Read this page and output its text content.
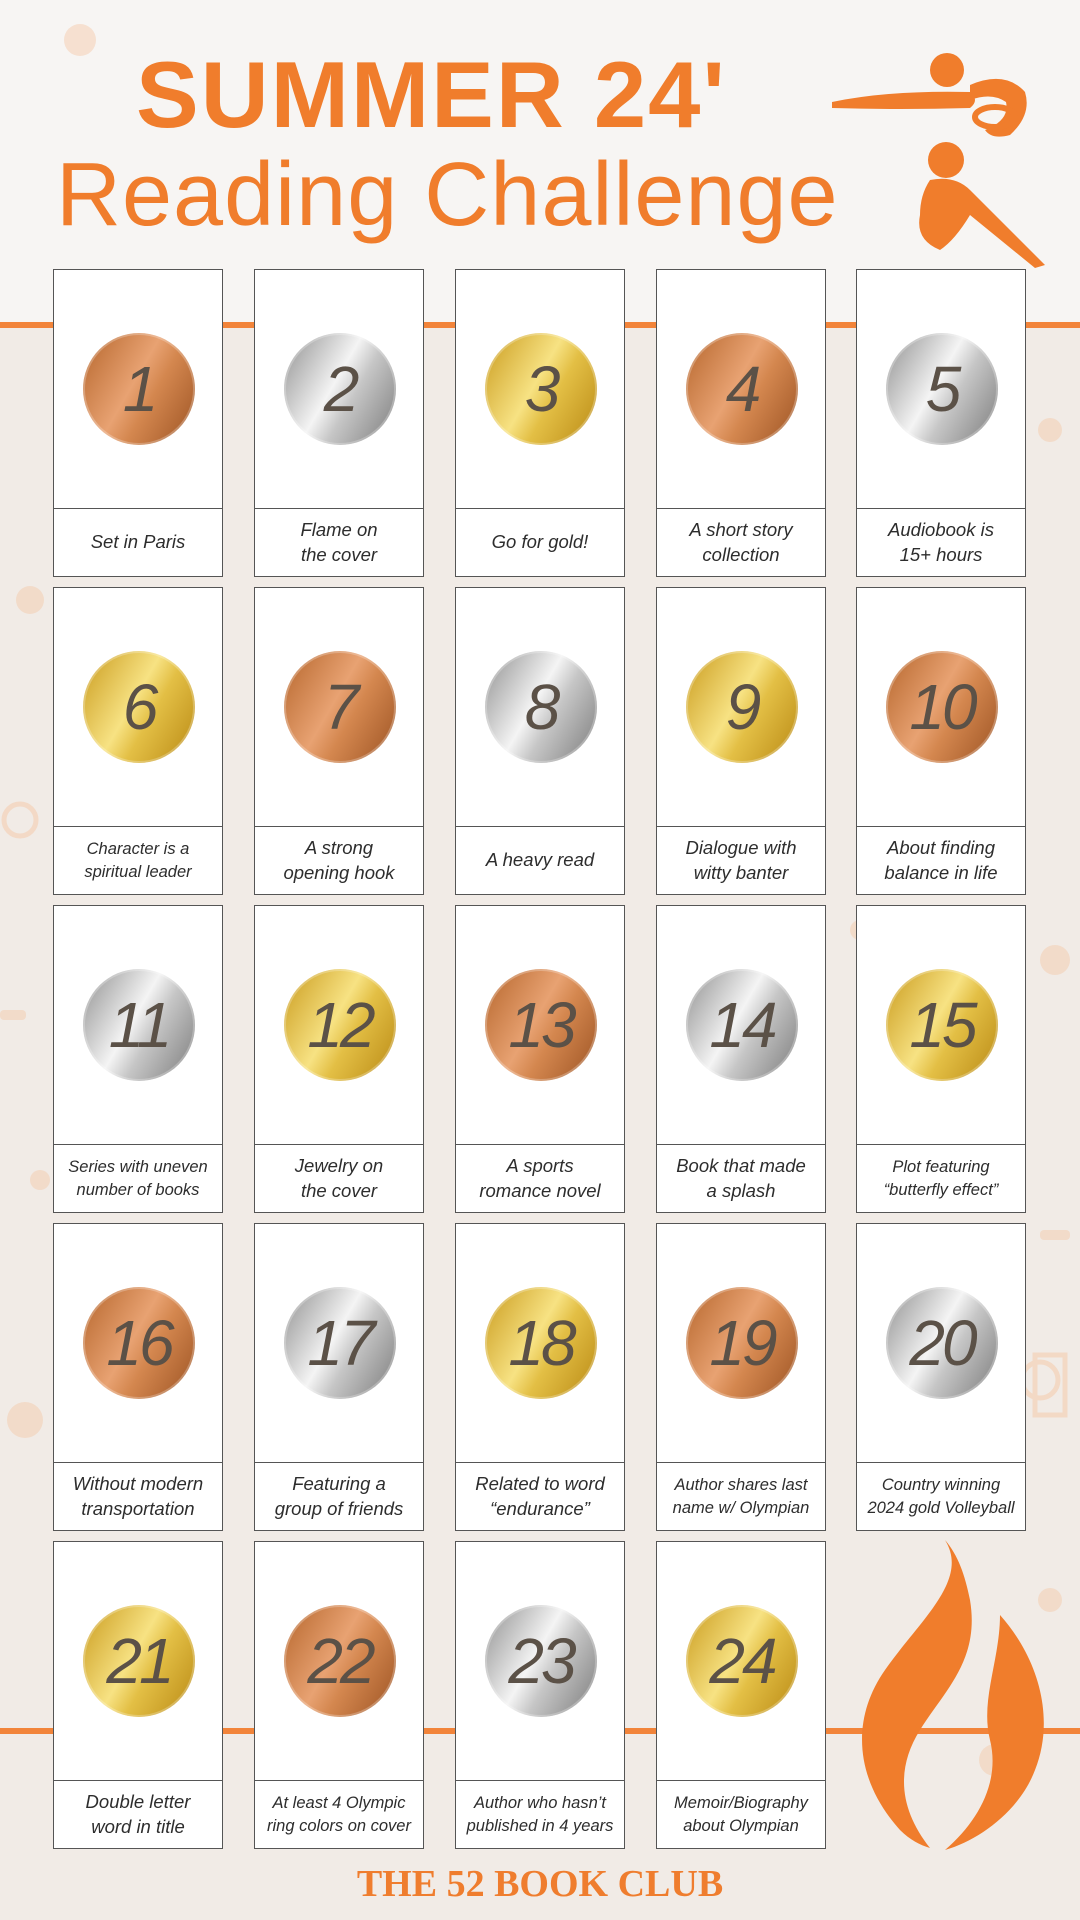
SUMMER 24'
Reading Challenge
1
Set in Paris
2
Flame on
the cover
3
Go for gold!
4
A short story
collection
5
Audiobook is
15+ hours
6
Character is a
spiritual leader
7
A strong
opening hook
8
A heavy read
9
Dialogue with
witty banter
10
About finding
balance in life
11
Series with uneven
number of books
12
Jewelry on
the cover
13
A sports
romance novel
14
Book that made
a splash
15
Plot featuring
“butterfly effect”
16
Without modern
transportation
17
Featuring a
group of friends
18
Related to word
“endurance”
19
Author shares last
name w/ Olympian
20
Country winning
2024 gold Volleyball
21
Double letter
word in title
22
At least 4 Olympic
ring colors on cover
23
Author who hasn’t
published in 4 years
24
Memoir/Biography
about Olympian

THE 52 BOOK CLUB
